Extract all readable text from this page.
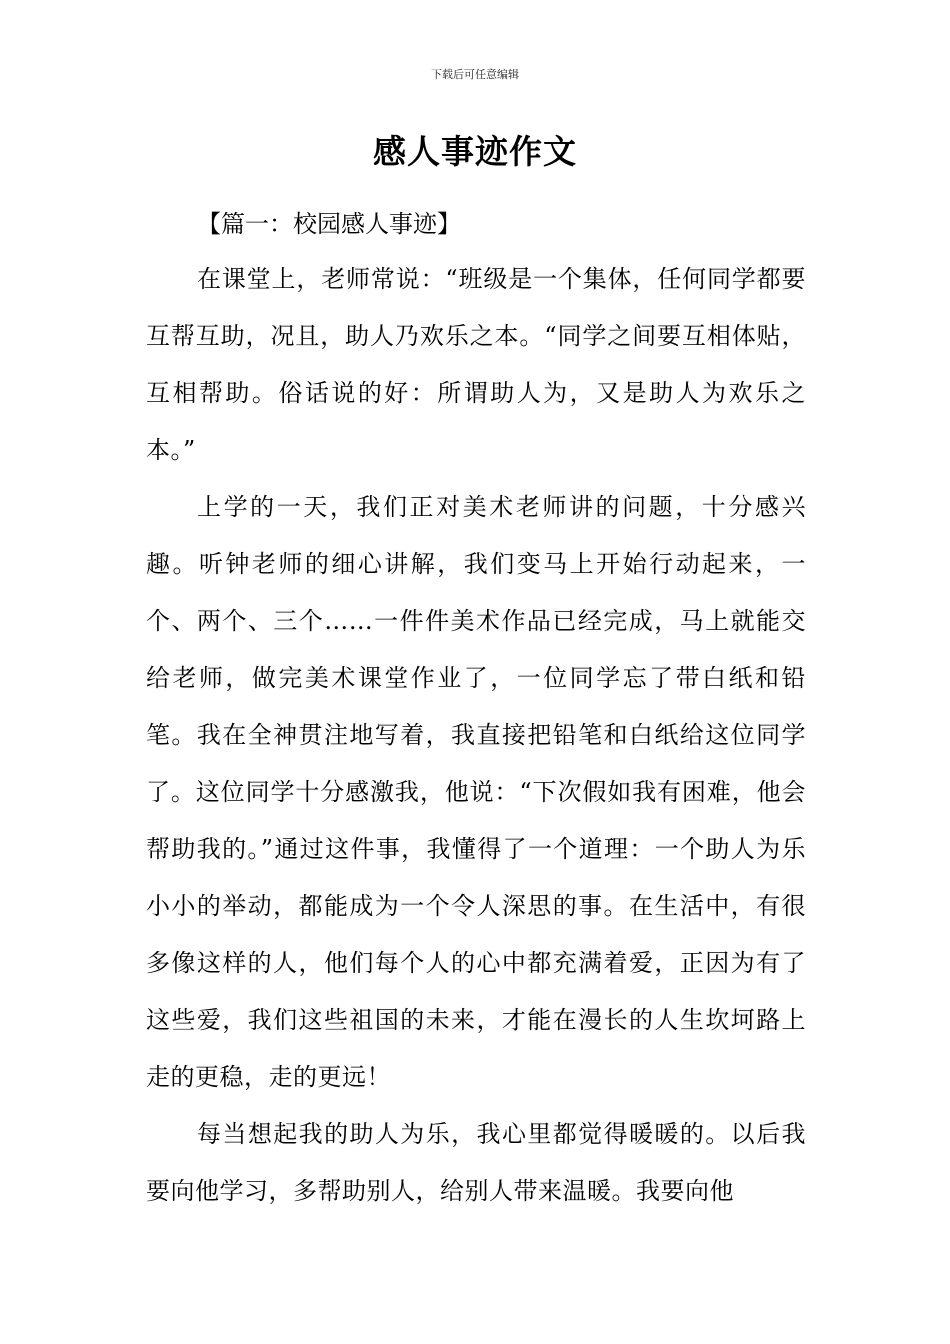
下载后可任意编辑
感人事迹作文
【篇一：校园感人事迹】

在课堂上，老师常说：“班级是一个集体，任何同学都要互帮互助，况且，助人乃欢乐之本。“同学之间要互相体贴，互相帮助。俗话说的好：所谓助人为，又是助人为欢乐之本。”

上学的一天，我们正对美术老师讲的问题，十分感兴趣。听钟老师的细心讲解，我们变马上开始行动起来，一个、两个、三个……一件件美术作品已经完成，马上就能交给老师，做完美术课堂作业了，一位同学忘了带白纸和铅笔。我在全神贯注地写着，我直接把铅笔和白纸给这位同学了。这位同学十分感激我，他说：“下次假如我有困难，他会帮助我的。”通过这件事，我懂得了一个道理：一个助人为乐小小的举动，都能成为一个令人深思的事。在生活中，有很多像这样的人，他们每个人的心中都充满着爱，正因为有了这些爱，我们这些祖国的未来，才能在漫长的人生坎坷路上走的更稳，走的更远！

每当想起我的助人为乐，我心里都觉得暖暖的。以后我要向他学习，多帮助别人，给别人带来温暖。我要向他
